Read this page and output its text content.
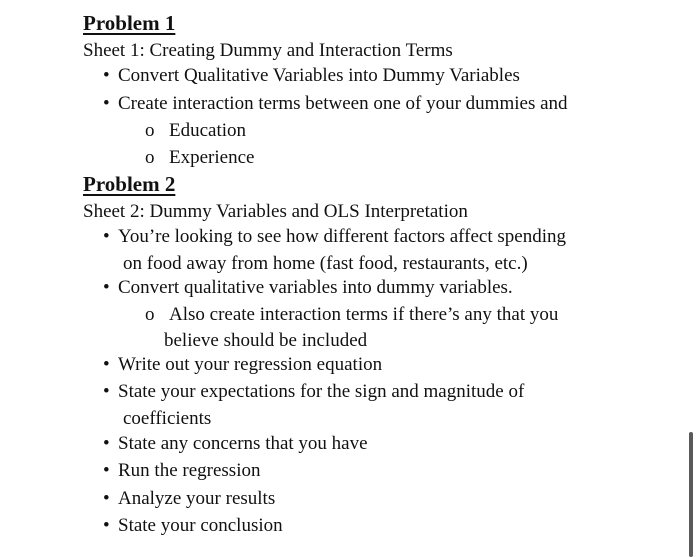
Problem 1
Sheet 1: Creating Dummy and Interaction Terms
• Convert Qualitative Variables into Dummy Variables
• Create interaction terms between one of your dummies and
o Education
o Experience
Problem 2
Sheet 2: Dummy Variables and OLS Interpretation
• You’re looking to see how different factors affect spending
on food away from home (fast food, restaurants, etc.)
• Convert qualitative variables into dummy variables.
o Also create interaction terms if there’s any that you
believe should be included
• Write out your regression equation
• State your expectations for the sign and magnitude of
coefficients
• State any concerns that you have
• Run the regression
• Analyze your results
• State your conclusion
